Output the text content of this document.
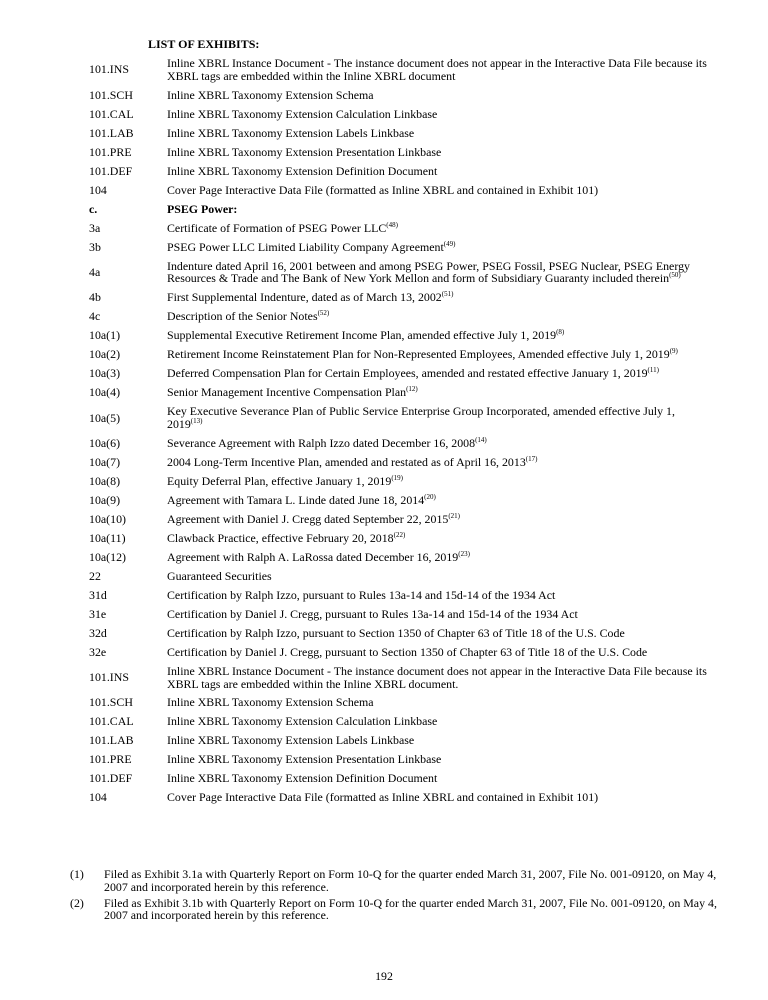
LIST OF EXHIBITS:
101.INS	Inline XBRL Instance Document - The instance document does not appear in the Interactive Data File because its XBRL tags are embedded within the Inline XBRL document
101.SCH	Inline XBRL Taxonomy Extension Schema
101.CAL	Inline XBRL Taxonomy Extension Calculation Linkbase
101.LAB	Inline XBRL Taxonomy Extension Labels Linkbase
101.PRE	Inline XBRL Taxonomy Extension Presentation Linkbase
101.DEF	Inline XBRL Taxonomy Extension Definition Document
104	Cover Page Interactive Data File (formatted as Inline XBRL and contained in Exhibit 101)
c.	PSEG Power:
3a	Certificate of Formation of PSEG Power LLC$^{(48)}$
3b	PSEG Power LLC Limited Liability Company Agreement$^{(49)}$
4a	Indenture dated April 16, 2001 between and among PSEG Power, PSEG Fossil, PSEG Nuclear, PSEG Energy Resources & Trade and The Bank of New York Mellon and form of Subsidiary Guaranty included therein$^{(50)}$
4b	First Supplemental Indenture, dated as of March 13, 2002$^{(51)}$
4c	Description of the Senior Notes$^{(52)}$
10a(1)	Supplemental Executive Retirement Income Plan, amended effective July 1, 2019$^{(8)}$
10a(2)	Retirement Income Reinstatement Plan for Non-Represented Employees, Amended effective July 1, 2019$^{(9)}$
10a(3)	Deferred Compensation Plan for Certain Employees, amended and restated effective January 1, 2019$^{(11)}$
10a(4)	Senior Management Incentive Compensation Plan$^{(12)}$
10a(5)	Key Executive Severance Plan of Public Service Enterprise Group Incorporated, amended effective July 1, 2019$^{(13)}$
10a(6)	Severance Agreement with Ralph Izzo dated December 16, 2008$^{(14)}$
10a(7)	2004 Long-Term Incentive Plan, amended and restated as of April 16, 2013$^{(17)}$
10a(8)	Equity Deferral Plan, effective January 1, 2019$^{(19)}$
10a(9)	Agreement with Tamara L. Linde dated June 18, 2014$^{(20)}$
10a(10)	Agreement with Daniel J. Cregg dated September 22, 2015$^{(21)}$
10a(11)	Clawback Practice, effective February 20, 2018$^{(22)}$
10a(12)	Agreement with Ralph A. LaRossa dated December 16, 2019$^{(23)}$
22	Guaranteed Securities
31d	Certification by Ralph Izzo, pursuant to Rules 13a-14 and 15d-14 of the 1934 Act
31e	Certification by Daniel J. Cregg, pursuant to Rules 13a-14 and 15d-14 of the 1934 Act
32d	Certification by Ralph Izzo, pursuant to Section 1350 of Chapter 63 of Title 18 of the U.S. Code
32e	Certification by Daniel J. Cregg, pursuant to Section 1350 of Chapter 63 of Title 18 of the U.S. Code
101.INS	Inline XBRL Instance Document - The instance document does not appear in the Interactive Data File because its XBRL tags are embedded within the Inline XBRL document.
101.SCH	Inline XBRL Taxonomy Extension Schema
101.CAL	Inline XBRL Taxonomy Extension Calculation Linkbase
101.LAB	Inline XBRL Taxonomy Extension Labels Linkbase
101.PRE	Inline XBRL Taxonomy Extension Presentation Linkbase
101.DEF	Inline XBRL Taxonomy Extension Definition Document
104	Cover Page Interactive Data File (formatted as Inline XBRL and contained in Exhibit 101)
(1)	Filed as Exhibit 3.1a with Quarterly Report on Form 10-Q for the quarter ended March 31, 2007, File No. 001-09120, on May 4, 2007 and incorporated herein by this reference.
(2)	Filed as Exhibit 3.1b with Quarterly Report on Form 10-Q for the quarter ended March 31, 2007, File No. 001-09120, on May 4, 2007 and incorporated herein by this reference.
192
